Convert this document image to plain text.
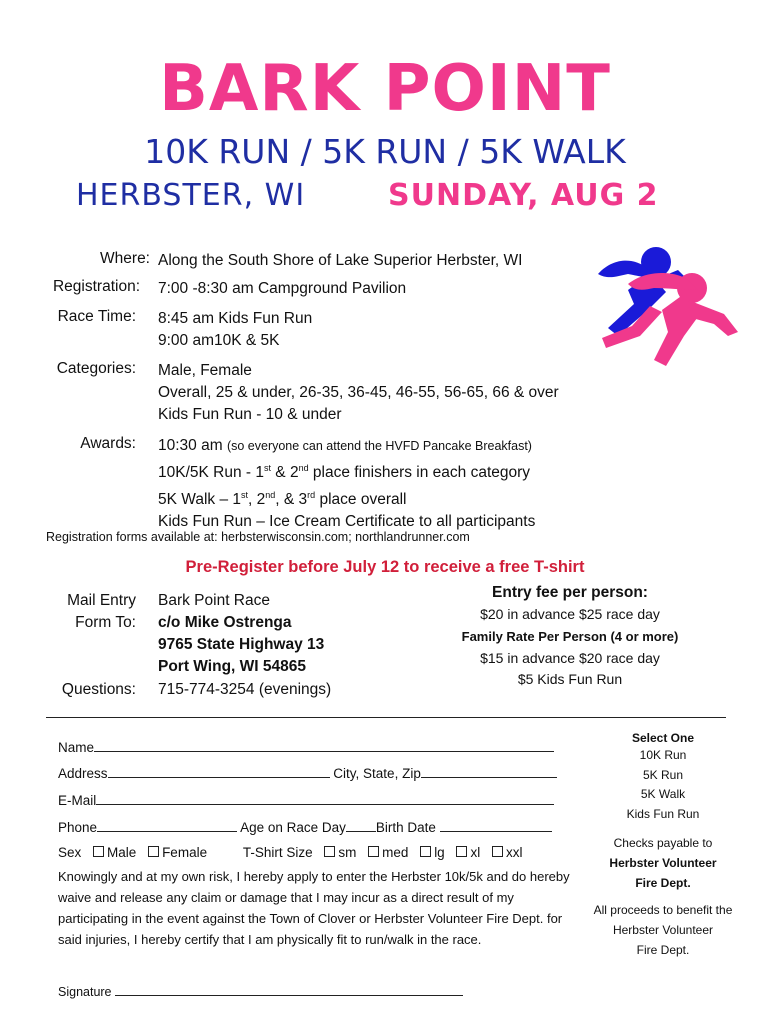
BARK POINT
10K RUN / 5K RUN / 5K WALK
HERBSTER, WI	SUNDAY, AUG 2
Where: Along the South Shore of Lake Superior Herbster, WI
Registration: 7:00 -8:30 am Campground Pavilion
Race Time: 8:45 am Kids Fun Run
9:00 am10K & 5K
Categories: Male, Female
Overall, 25 & under, 26-35, 36-45, 46-55, 56-65, 66 & over
Kids Fun Run - 10 & under
Awards: 10:30 am (so everyone can attend the HVFD Pancake Breakfast)
10K/5K Run - 1st & 2nd place finishers in each category
5K Walk – 1st, 2nd, & 3rd place overall
Kids Fun Run – Ice Cream Certificate to all participants
Registration forms available at: herbsterwisconsin.com; northlandrunner.com
Pre-Register before July 12 to receive a free T-shirt
Mail Entry
Form To:
Bark Point Race
c/o Mike Ostrenga
9765 State Highway 13
Port Wing, WI 54865
Questions: 715-774-3254 (evenings)
Entry fee per person:
$20 in advance $25 race day
Family Rate Per Person (4 or more)
$15 in advance $20 race day
$5 Kids Fun Run
Name
Address	City, State, Zip
E-Mail
Phone	Age on Race Day Birth Date
Sex Male Female	T-Shirt Size sm med lg xl xxl
Knowingly and at my own risk, I hereby apply to enter the Herbster 10k/5k and do hereby waive and release any claim or damage that I may incur as a direct result of my participating in the event against the Town of Clover or Herbster Volunteer Fire Dept. for said injuries, I hereby certify that I am physically fit to run/walk in the race.
Signature
Select One
10K Run
5K Run
5K Walk
Kids Fun Run
Checks payable to
Herbster Volunteer
Fire Dept.
All proceeds to benefit the
Herbster Volunteer
Fire Dept.
